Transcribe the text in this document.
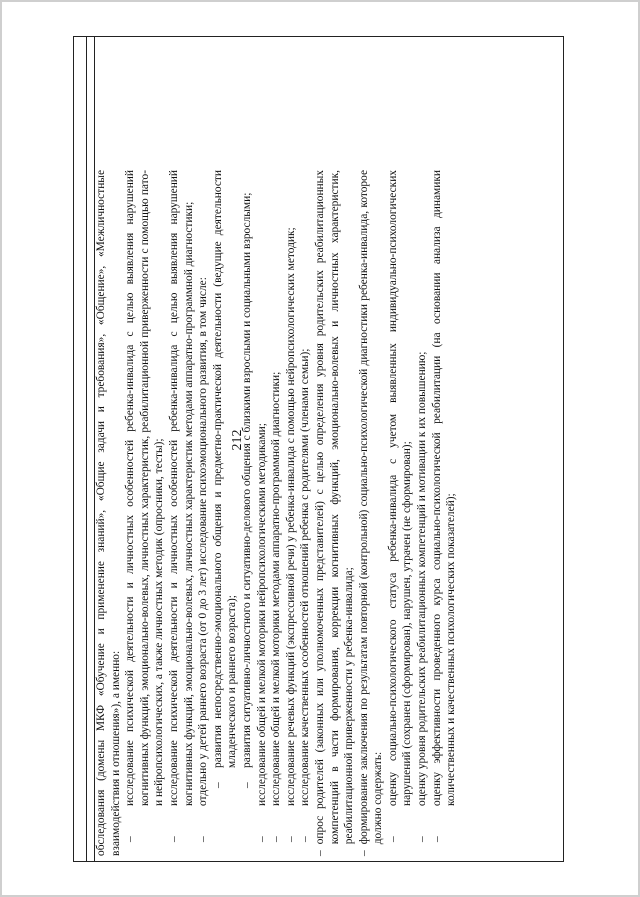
212

обследования (домены МКФ «Обучение и применение знаний», «Общие задачи и требования», «Общение», «Межличностные взаимодействия и отношения»), а именно: –
исследование психической деятельности и личностных особенностей ребенка-инвалида с целью выявления нарушений когнитивных функций, эмоционально-волевых, личностных характеристик, реабилитационной приверженности с помощью пато- и нейропсихологических, а также личностных методик (опросники, тесты);
–
исследование психической деятельности и личностных особенностей ребенка-инвалида с целью выявления нарушений когнитивных функций, эмоционально-волевых, личностных характеристик методами аппаратно-программной диагностики;
–
отдельно у детей раннего возраста (от 0 до 3 лет) исследование психоэмоционального развития, в том числе: –
развития непосредственно-эмоционального общения и предметно-практической деятельности (ведущие деятельности младенческого и раннего возраста);
–
развития ситуативно-личностного и ситуативно-делового общения с близкими взрослыми и социальными взрослыми;
–
исследование общей и мелкой моторики нейропсихологическими методиками;
–
исследование общей и мелкой моторики методами аппаратно-программной диагностики;
–
исследование речевых функций (экспрессивной речи) у ребенка-инвалида с помощью нейропсихологических методик;
–
исследование качественных особенностей отношений ребенка с родителями (членами семьи);
–
опрос родителей (законных или уполномоченных представителей) с целью определения уровня родительских реабилитационных компетенций в части формирования, коррекции когнитивных функций, эмоционально-волевых и личностных характеристик, реабилитационной приверженности у ребенка-инвалида;
–
формирование заключения по результатам повторной (контрольной) социально-психологической диагностики ребенка-инвалида, которое должно содержать: –
оценку социально-психологического статуса ребенка-инвалида с учетом выявленных индивидуально-психологических нарушений (сохранен (сформирован), нарушен, утрачен (не сформирован);
–
оценку уровня родительских реабилитационных компетенций и мотивации к их повышению;
–
оценку эффективности проведенного курса социально-психологической реабилитации (на основании анализа динамики количественных и качественных психологических показателей);
